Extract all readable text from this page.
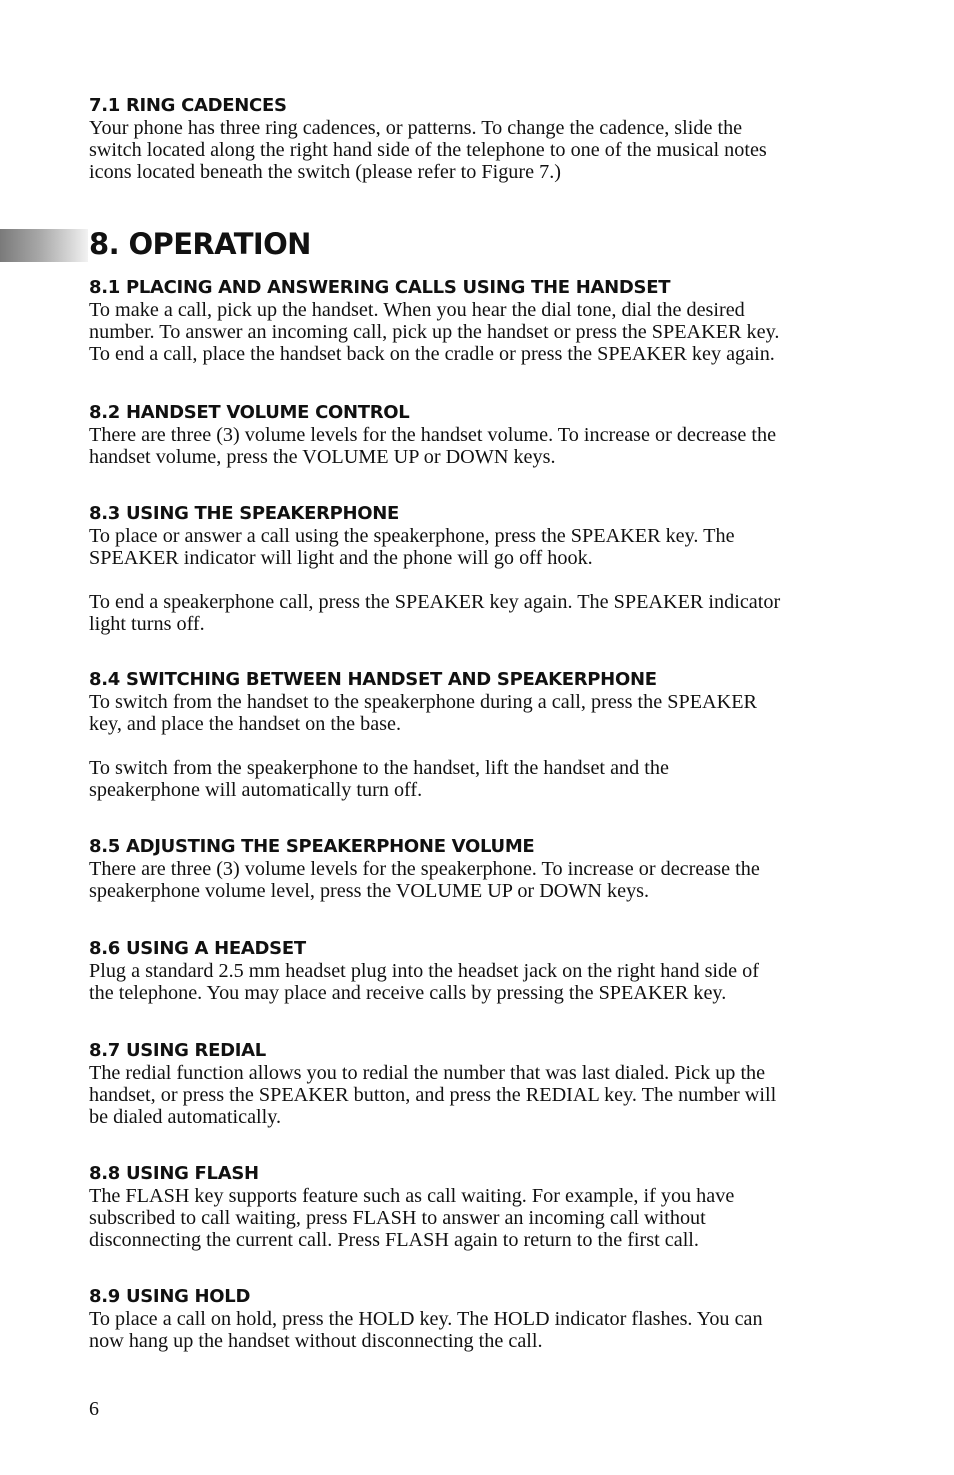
7.1 RING CADENCES

Your phone has three ring cadences, or patterns. To change the cadence, slide the
switch located along the right hand side of the telephone to one of the musical notes
icons located beneath the switch (please refer to Figure 7.)

8. OPERATION

8.1 PLACING AND ANSWERING CALLS USING THE HANDSET

To make a call, pick up the handset. When you hear the dial tone, dial the desired
number. To answer an incoming call, pick up the handset or press the SPEAKER key.
To end a call, place the handset back on the cradle or press the SPEAKER key again.

8.2 HANDSET VOLUME CONTROL

There are three (3) volume levels for the handset volume. To increase or decrease the
handset volume, press the VOLUME UP or DOWN keys.

8.3 USING THE SPEAKERPHONE

To place or answer a call using the speakerphone, press the SPEAKER key. The
SPEAKER indicator will light and the phone will go off hook.

To end a speakerphone call, press the SPEAKER key again. The SPEAKER indicator
light turns off.

8.4 SWITCHING BETWEEN HANDSET AND SPEAKERPHONE

To switch from the handset to the speakerphone during a call, press the SPEAKER
key, and place the handset on the base.

To switch from the speakerphone to the handset, lift the handset and the
speakerphone will automatically turn off.

8.5 ADJUSTING THE SPEAKERPHONE VOLUME

There are three (3) volume levels for the speakerphone. To increase or decrease the
speakerphone volume level, press the VOLUME UP or DOWN keys.

8.6 USING A HEADSET

Plug a standard 2.5 mm headset plug into the headset jack on the right hand side of
the telephone. You may place and receive calls by pressing the SPEAKER key.

8.7 USING REDIAL

The redial function allows you to redial the number that was last dialed. Pick up the
handset, or press the SPEAKER button, and press the REDIAL key. The number will
be dialed automatically.

8.8 USING FLASH

The FLASH key supports feature such as call waiting. For example, if you have
subscribed to call waiting, press FLASH to answer an incoming call without
disconnecting the current call. Press FLASH again to return to the first call.

8.9 USING HOLD

To place a call on hold, press the HOLD key. The HOLD indicator flashes. You can
now hang up the handset without disconnecting the call.

6
